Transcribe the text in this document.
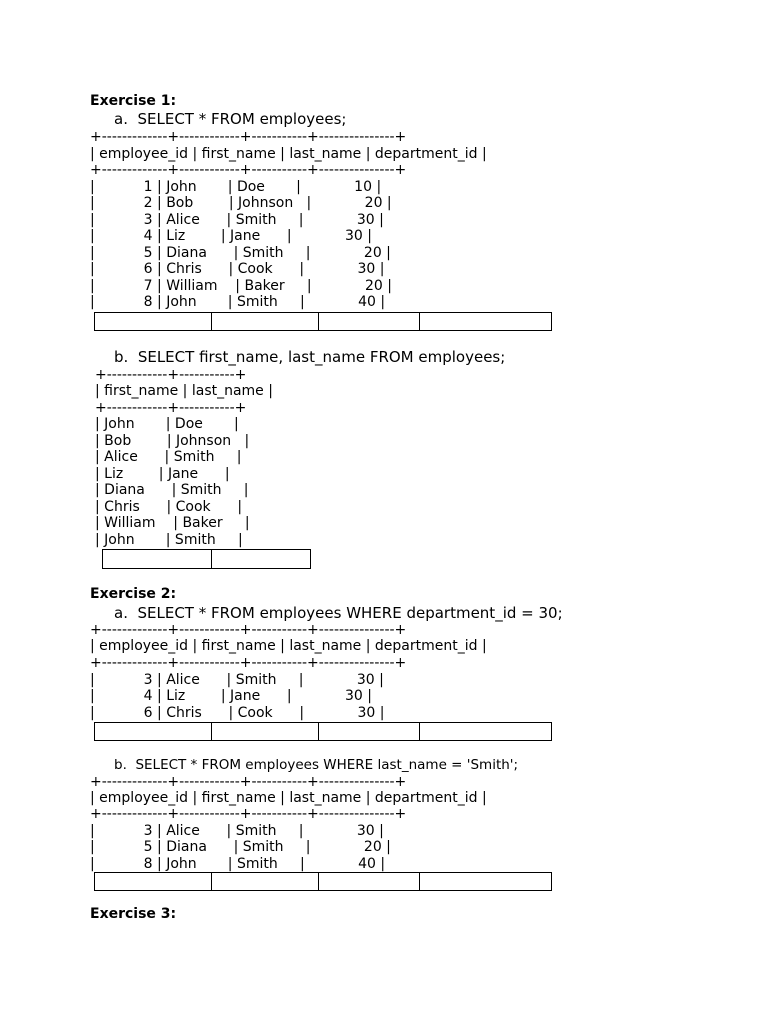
Exercise 1:
a.  SELECT * FROM employees;
+-------------+------------+-----------+---------------+
| employee_id | first_name | last_name | department_id |
+-------------+------------+-----------+---------------+
|           1 | John       | Doe       |            10 |
|           2 | Bob        | Johnson   |            20 |
|           3 | Alice      | Smith     |            30 |
|           4 | Liz        | Jane      |            30 |
|           5 | Diana      | Smith     |            20 |
|           6 | Chris      | Cook      |            30 |
|           7 | William    | Baker     |            20 |
|           8 | John       | Smith     |            40 |
b.  SELECT first_name, last_name FROM employees;
+------------+-----------+
| first_name | last_name |
+------------+-----------+
| John       | Doe       |
| Bob        | Johnson   |
| Alice      | Smith     |
| Liz        | Jane      |
| Diana      | Smith     |
| Chris      | Cook      |
| William    | Baker     |
| John       | Smith     |
Exercise 2:
a.  SELECT * FROM employees WHERE department_id = 30;
+-------------+------------+-----------+---------------+
| employee_id | first_name | last_name | department_id |
+-------------+------------+-----------+---------------+
|           3 | Alice      | Smith     |            30 |
|           4 | Liz        | Jane      |            30 |
|           6 | Chris      | Cook      |            30 |
b.  SELECT * FROM employees WHERE last_name = 'Smith';
+-------------+------------+-----------+---------------+
| employee_id | first_name | last_name | department_id |
+-------------+------------+-----------+---------------+
|           3 | Alice      | Smith     |            30 |
|           5 | Diana      | Smith     |            20 |
|           8 | John       | Smith     |            40 |
Exercise 3:
